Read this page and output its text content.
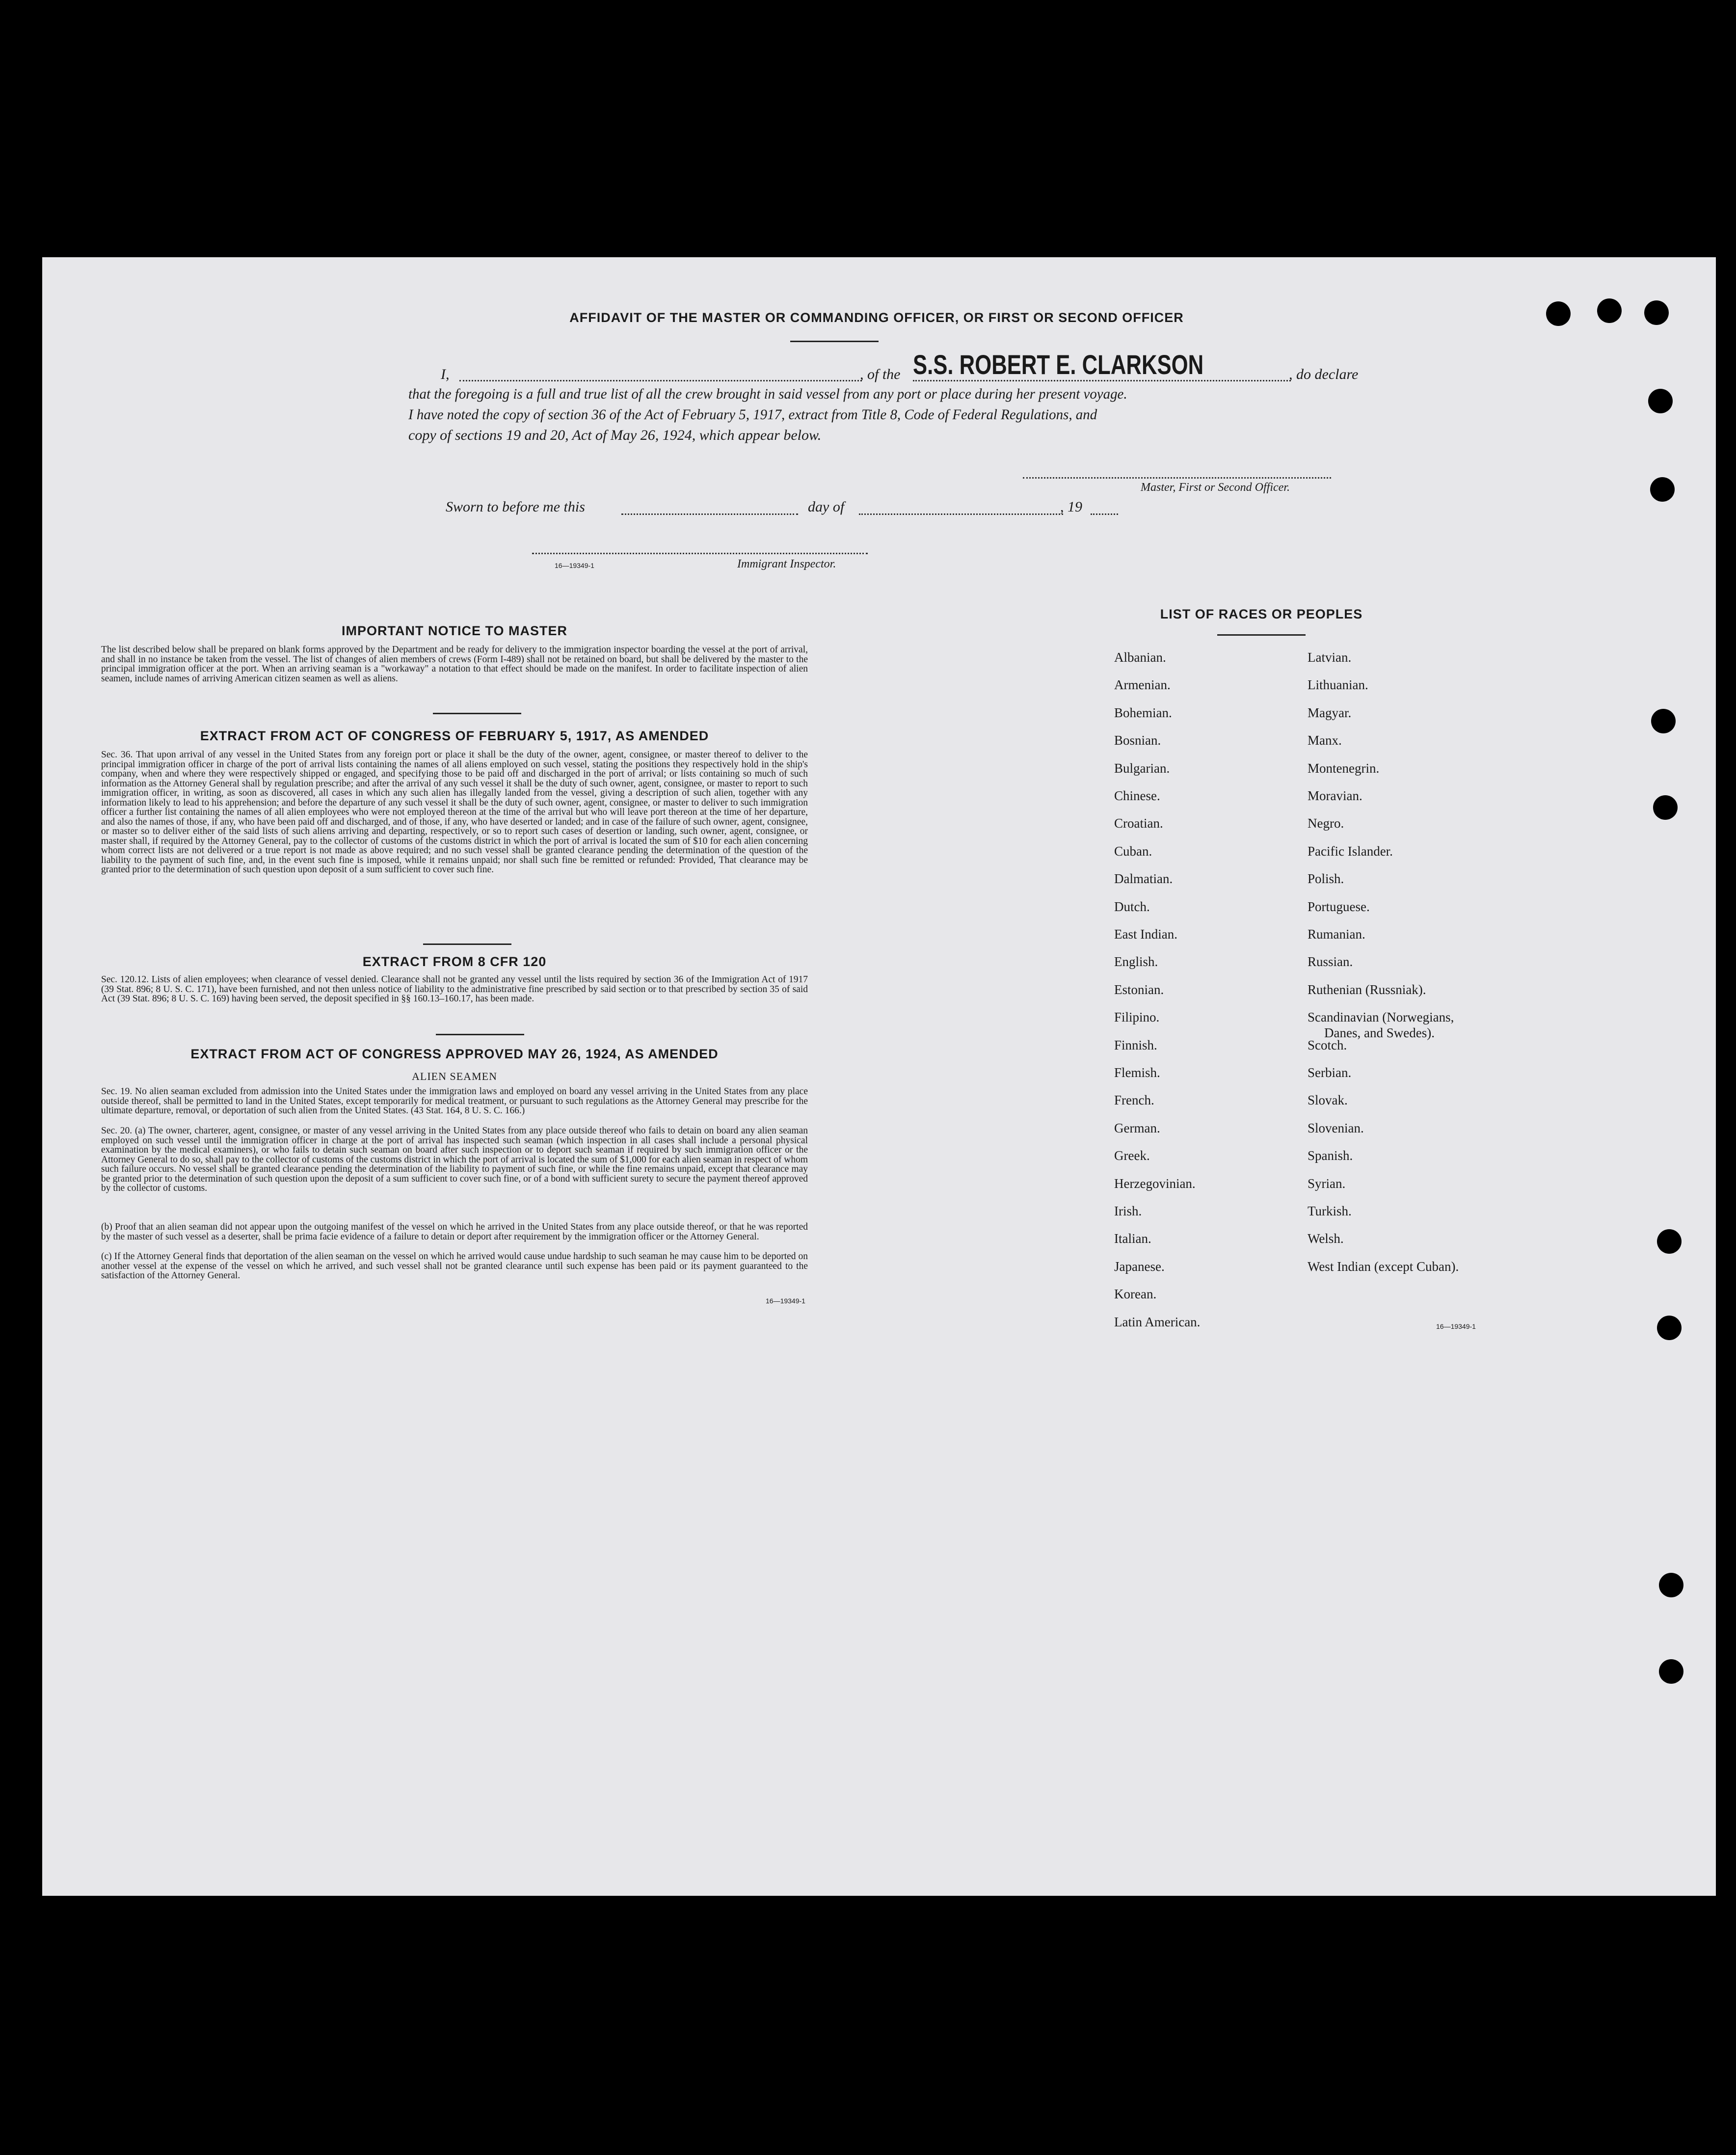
AFFIDAVIT OF THE MASTER OR COMMANDING OFFICER, OR FIRST OR SECOND OFFICER
I,	, of the S.S. ROBERT E. CLARKSON	, do declare
that the foregoing is a full and true list of all the crew brought in said vessel from any port or place during her present voyage.
I have noted the copy of section 36 of the Act of February 5, 1917, extract from Title 8, Code of Federal Regulations, and
copy of sections 19 and 20, Act of May 26, 1924, which appear below.
Master, First or Second Officer.
Sworn to before me this	day of	, 19
16—19349-1	Immigrant Inspector.
IMPORTANT NOTICE TO MASTER
The list described below shall be prepared on blank forms approved by the Department and be ready for delivery to the immigration inspector boarding the vessel at the port of arrival, and shall in no instance be taken from the vessel. The list of changes of alien members of crews (Form I-489) shall not be retained on board, but shall be delivered by the master to the principal immigration officer at the port. When an arriving seaman is a "workaway" a notation to that effect should be made on the manifest. In order to facilitate inspection of alien seamen, include names of arriving American citizen seamen as well as aliens.
EXTRACT FROM ACT OF CONGRESS OF FEBRUARY 5, 1917, AS AMENDED
Sec. 36. That upon arrival of any vessel in the United States from any foreign port or place it shall be the duty of the owner, agent, consignee, or master thereof to deliver to the principal immigration officer in charge of the port of arrival lists containing the names of all aliens employed on such vessel, stating the positions they respectively hold in the ship's company, when and where they were respectively shipped or engaged, and specifying those to be paid off and discharged in the port of arrival; or lists containing so much of such information as the Attorney General shall by regulation prescribe; and after the arrival of any such vessel it shall be the duty of such owner, agent, consignee, or master to report to such immigration officer, in writing, as soon as discovered, all cases in which any such alien has illegally landed from the vessel, giving a description of such alien, together with any information likely to lead to his apprehension; and before the departure of any such vessel it shall be the duty of such owner, agent, consignee, or master to deliver to such immigration officer a further list containing the names of all alien employees who were not employed thereon at the time of the arrival but who will leave port thereon at the time of her departure, and also the names of those, if any, who have been paid off and discharged, and of those, if any, who have deserted or landed; and in case of the failure of such owner, agent, consignee, or master so to deliver either of the said lists of such aliens arriving and departing, respectively, or so to report such cases of desertion or landing, such owner, agent, consignee, or master shall, if required by the Attorney General, pay to the collector of customs of the customs district in which the port of arrival is located the sum of $10 for each alien concerning whom correct lists are not delivered or a true report is not made as above required; and no such vessel shall be granted clearance pending the determination of the question of the liability to the payment of such fine, and, in the event such fine is imposed, while it remains unpaid; nor shall such fine be remitted or refunded: Provided, That clearance may be granted prior to the determination of such question upon deposit of a sum sufficient to cover such fine.
EXTRACT FROM 8 CFR 120
Sec. 120.12. Lists of alien employees; when clearance of vessel denied. Clearance shall not be granted any vessel until the lists required by section 36 of the Immigration Act of 1917 (39 Stat. 896; 8 U. S. C. 171), have been furnished, and not then unless notice of liability to the administrative fine prescribed by said section or to that prescribed by section 35 of said Act (39 Stat. 896; 8 U. S. C. 169) having been served, the deposit specified in §§ 160.13–160.17, has been made.
EXTRACT FROM ACT OF CONGRESS APPROVED MAY 26, 1924, AS AMENDED
ALIEN SEAMEN
Sec. 19. No alien seaman excluded from admission into the United States under the immigration laws and employed on board any vessel arriving in the United States from any place outside thereof, shall be permitted to land in the United States, except temporarily for medical treatment, or pursuant to such regulations as the Attorney General may prescribe for the ultimate departure, removal, or deportation of such alien from the United States. (43 Stat. 164, 8 U. S. C. 166.)
Sec. 20. (a) The owner, charterer, agent, consignee, or master of any vessel arriving in the United States from any place outside thereof who fails to detain on board any alien seaman employed on such vessel until the immigration officer in charge at the port of arrival has inspected such seaman (which inspection in all cases shall include a personal physical examination by the medical examiners), or who fails to detain such seaman on board after such inspection or to deport such seaman if required by such immigration officer or the Attorney General to do so, shall pay to the collector of customs of the customs district in which the port of arrival is located the sum of $1,000 for each alien seaman in respect of whom such failure occurs. No vessel shall be granted clearance pending the determination of the liability to payment of such fine, or while the fine remains unpaid, except that clearance may be granted prior to the determination of such question upon the deposit of a sum sufficient to cover such fine, or of a bond with sufficient surety to secure the payment thereof approved by the collector of customs.
(b) Proof that an alien seaman did not appear upon the outgoing manifest of the vessel on which he arrived in the United States from any place outside thereof, or that he was reported by the master of such vessel as a deserter, shall be prima facie evidence of a failure to detain or deport after requirement by the immigration officer or the Attorney General.
(c) If the Attorney General finds that deportation of the alien seaman on the vessel on which he arrived would cause undue hardship to such seaman he may cause him to be deported on another vessel at the expense of the vessel on which he arrived, and such vessel shall not be granted clearance until such expense has been paid or its payment guaranteed to the satisfaction of the Attorney General.
16—19349-1
LIST OF RACES OR PEOPLES
Albanian.
Armenian.
Bohemian.
Bosnian.
Bulgarian.
Chinese.
Croatian.
Cuban.
Dalmatian.
Dutch.
East Indian.
English.
Estonian.
Filipino.
Finnish.
Flemish.
French.
German.
Greek.
Herzegovinian.
Irish.
Italian.
Japanese.
Korean.
Latin American.
Latvian.
Lithuanian.
Magyar.
Manx.
Montenegrin.
Moravian.
Negro.
Pacific Islander.
Polish.
Portuguese.
Rumanian.
Russian.
Ruthenian (Russniak).
Scandinavian (Norwegians,
Danes, and Swedes).
Scotch.
Serbian.
Slovak.
Slovenian.
Spanish.
Syrian.
Turkish.
Welsh.
West Indian (except Cuban).
16—19349-1
